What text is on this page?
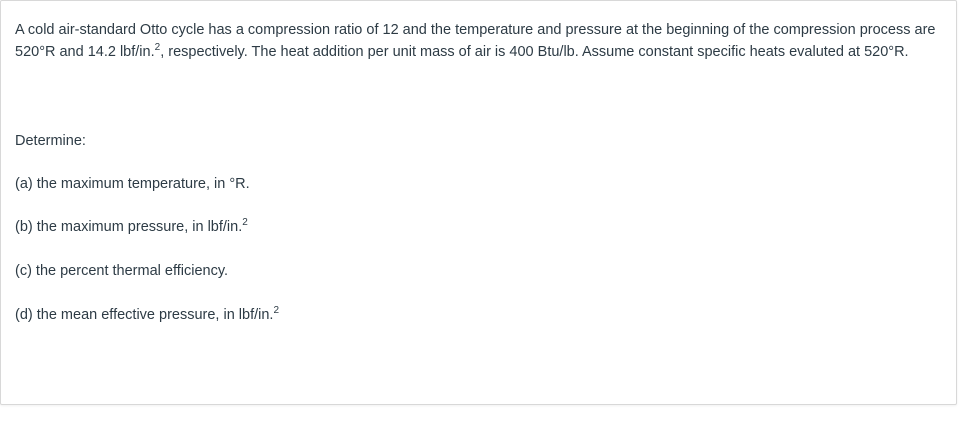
A cold air-standard Otto cycle has a compression ratio of 12 and the temperature and pressure at the beginning of the compression process are 520°R and 14.2 lbf/in.$^2$, respectively. The heat addition per unit mass of air is 400 Btu/lb. Assume constant specific heats evaluted at 520°R.

Determine:

(a) the maximum temperature, in °R.

(b) the maximum pressure, in lbf/in.$^2$

(c) the percent thermal efficiency.

(d) the mean effective pressure, in lbf/in.$^2$
